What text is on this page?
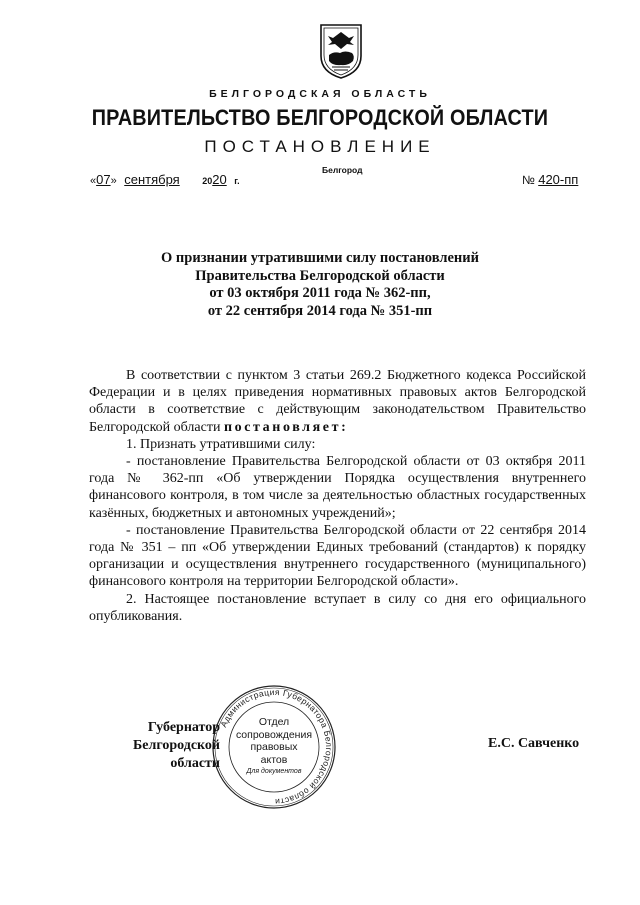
БЕЛГОРОДСКАЯ ОБЛАСТЬ
ПРАВИТЕЛЬСТВО БЕЛГОРОДСКОЙ ОБЛАСТИ
ПОСТАНОВЛЕНИЕ
Белгород
«07» сентября	2020 г.	№ 420-пп
О признании утратившими силу постановлений
Правительства Белгородской области
от 03 октября 2011 года № 362-пп,
от 22 сентября 2014 года № 351-пп

В соответствии с пунктом 3 статьи 269.2 Бюджетного кодекса Российской Федерации и в целях приведения нормативных правовых актов Белгородской области в соответствие с действующим законодательством Правительство Белгородской области постановляет:

1. Признать утратившими силу:

- постановление Правительства Белгородской области от 03 октября 2011 года № 362-пп «Об утверждении Порядка осуществления внутреннего финансового контроля, в том числе за деятельностью областных государственных казённых, бюджетных и автономных учреждений»;

- постановление Правительства Белгородской области от 22 сентября 2014 года № 351 – пп «Об утверждении Единых требований (стандартов) к порядку организации и осуществления внутреннего государственного (муниципального) финансового контроля на территории Белгородской области».

2. Настоящее постановление вступает в силу со дня его официального опубликования.

Администрация Губернатора Белгородской области
Отдел
сопровождения
правовых
актов
Для документов
Губернатор
Белгородской области
Е.С. Савченко
